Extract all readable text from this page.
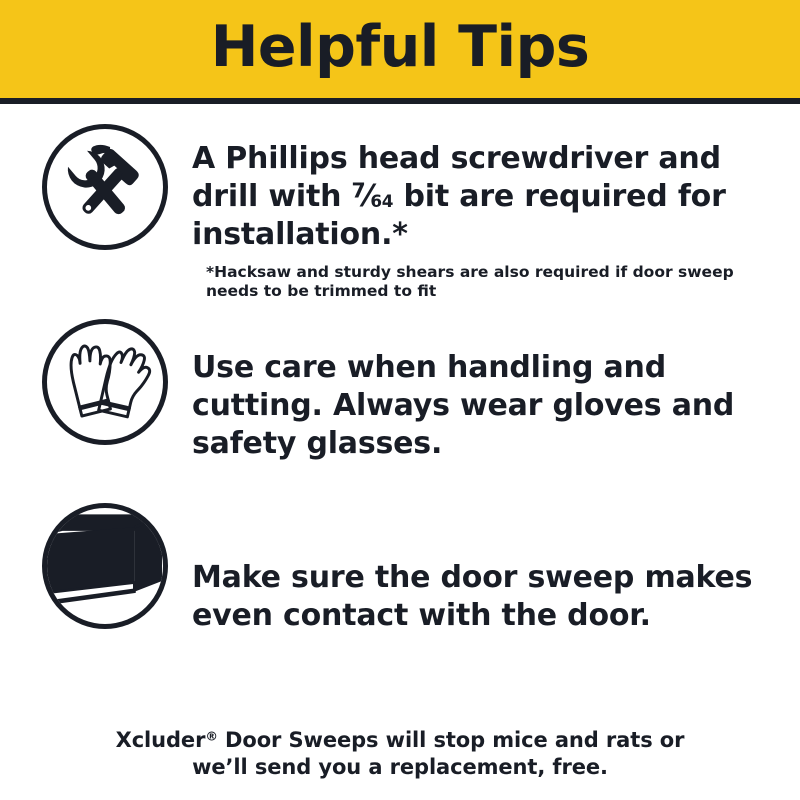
Helpful Tips
A Phillips head screwdriver and drill with $^7⁄_{64}$ bit are required for installation.*
*Hacksaw and sturdy shears are also required if door sweep needs to be trimmed to fit
Use care when handling and cutting. Always wear gloves and safety glasses.
Make sure the door sweep makes even contact with the door.
Xcluder® Door Sweeps will stop mice and rats or
we’ll send you a replacement, free.
